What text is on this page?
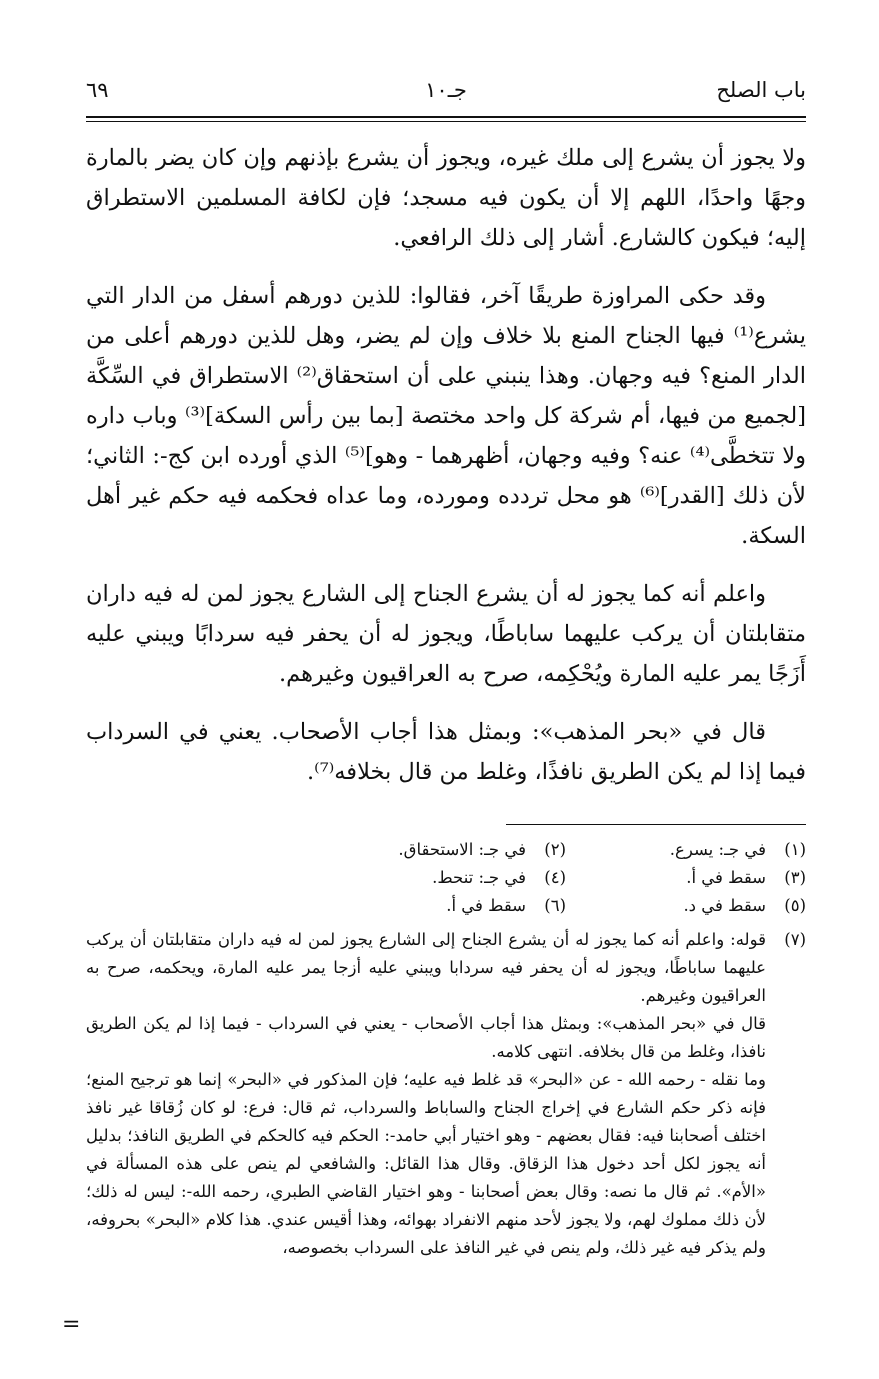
باب الصلح
جـ١٠
٦٩

ولا يجوز أن يشرع إلى ملك غيره، ويجوز أن يشرع بإذنهم وإن كان يضر بالمارة وجهًا واحدًا، اللهم إلا أن يكون فيه مسجد؛ فإن لكافة المسلمين الاستطراق إليه؛ فيكون كالشارع. أشار إلى ذلك الرافعي.

وقد حكى المراوزة طريقًا آخر، فقالوا: للذين دورهم أسفل من الدار التي يشرع⁽¹⁾ فيها الجناح المنع بلا خلاف وإن لم يضر، وهل للذين دورهم أعلى من الدار المنع؟ فيه وجهان. وهذا ينبني على أن استحقاق⁽²⁾ الاستطراق في السِّكَّة [لجميع من فيها، أم شركة كل واحد مختصة [بما بين رأس السكة]⁽³⁾ وباب داره ولا تتخطَّى⁽⁴⁾ عنه؟ وفيه وجهان، أظهرهما - وهو]⁽⁵⁾ الذي أورده ابن كج-: الثاني؛ لأن ذلك [القدر]⁽⁶⁾ هو محل تردده ومورده، وما عداه فحكمه فيه حكم غير أهل السكة.

واعلم أنه كما يجوز له أن يشرع الجناح إلى الشارع يجوز لمن له فيه داران متقابلتان أن يركب عليهما ساباطًا، ويجوز له أن يحفر فيه سردابًا ويبني عليه أَزَجًا يمر عليه المارة ويُحْكِمه، صرح به العراقيون وغيرهم.

قال في «بحر المذهب»: وبمثل هذا أجاب الأصحاب. يعني في السرداب فيما إذا لم يكن الطريق نافذًا، وغلط من قال بخلافه⁽⁷⁾.

(١)في جـ: يسرع.
(٢)في جـ: الاستحقاق.
(٣)سقط في أ.
(٤)في جـ: تنحط.
(٥)سقط في د.
(٦)سقط في أ.
(٧)

قوله: واعلم أنه كما يجوز له أن يشرع الجناح إلى الشارع يجوز لمن له فيه داران متقابلتان أن يركب عليهما ساباطًا، ويجوز له أن يحفر فيه سردابا ويبني عليه أزجا يمر عليه المارة، ويحكمه، صرح به العراقيون وغيرهم.

قال في «بحر المذهب»: وبمثل هذا أجاب الأصحاب - يعني في السرداب - فيما إذا لم يكن الطريق نافذا، وغلط من قال بخلافه. انتهى كلامه.

وما نقله - رحمه الله - عن «البحر» قد غلط فيه عليه؛ فإن المذكور في «البحر» إنما هو ترجيح المنع؛ فإنه ذكر حكم الشارع في إخراج الجناح والساباط والسرداب، ثم قال: فرع: لو كان زُقاقا غير نافذ اختلف أصحابنا فيه: فقال بعضهم - وهو اختيار أبي حامد-: الحكم فيه كالحكم في الطريق النافذ؛ بدليل أنه يجوز لكل أحد دخول هذا الزقاق. وقال هذا القائل: والشافعي لم ينص على هذه المسألة في «الأم». ثم قال ما نصه: وقال بعض أصحابنا - وهو اختيار القاضي الطبري، رحمه الله-: ليس له ذلك؛ لأن ذلك مملوك لهم، ولا يجوز لأحد منهم الانفراد بهوائه، وهذا أقيس عندي. هذا كلام «البحر» بحروفه، ولم يذكر فيه غير ذلك، ولم ينص في غير النافذ على السرداب بخصوصه،

=
